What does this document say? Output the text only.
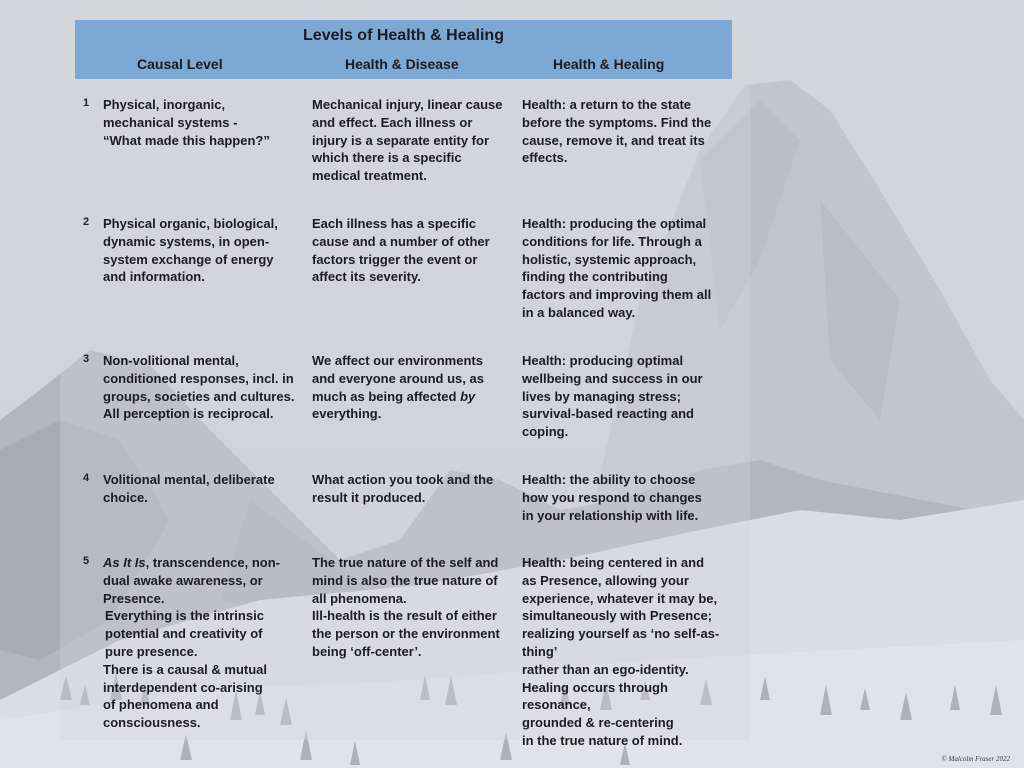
Levels of Health & Healing
Causal Level	Health & Disease	Health & Healing
1 Physical, inorganic,
mechanical systems -
“What made this happen?”
Mechanical injury, linear cause
and effect. Each illness or
injury is a separate entity for
which there is a specific
medical treatment.
Health: a return to the state
before the symptoms. Find the
cause, remove it, and treat its
effects.
2 Physical organic, biological,
dynamic systems, in open-
system exchange of energy
and information.
Each illness has a specific
cause and a number of other
factors trigger the event or
affect its severity.
Health: producing the optimal
conditions for life. Through a
holistic, systemic approach,
finding the contributing
factors and improving them all
in a balanced way.
3 Non-volitional mental,
conditioned responses, incl. in
groups, societies and cultures.
All perception is reciprocal.
We affect our environments
and everyone around us, as
much as being affected by
everything.
Health: producing optimal
wellbeing and success in our
lives by managing stress;
survival-based reacting and
coping.
4 Volitional mental, deliberate
choice.
What action you took and the
result it produced.
Health: the ability to choose
how you respond to changes
in your relationship with life.
5 As It Is, transcendence, non-
dual awake awareness, or
Presence.

Everything is the intrinsic
potential and creativity of
pure presence.
There is a causal & mutual
interdependent co-arising
of phenomena and
consciousness.
The true nature of the self and
mind is also the true nature of
all phenomena.
Ill-health is the result of either
the person or the environment
being ‘off-center’.
Health: being centered in and
as Presence, allowing your
experience, whatever it may be,
simultaneously with Presence;
realizing yourself as ‘no self-as-thing’
rather than an ego-identity.
Healing occurs through resonance,
grounded & re-centering
in the true nature of mind.
© Malcolm Fraser 2022
